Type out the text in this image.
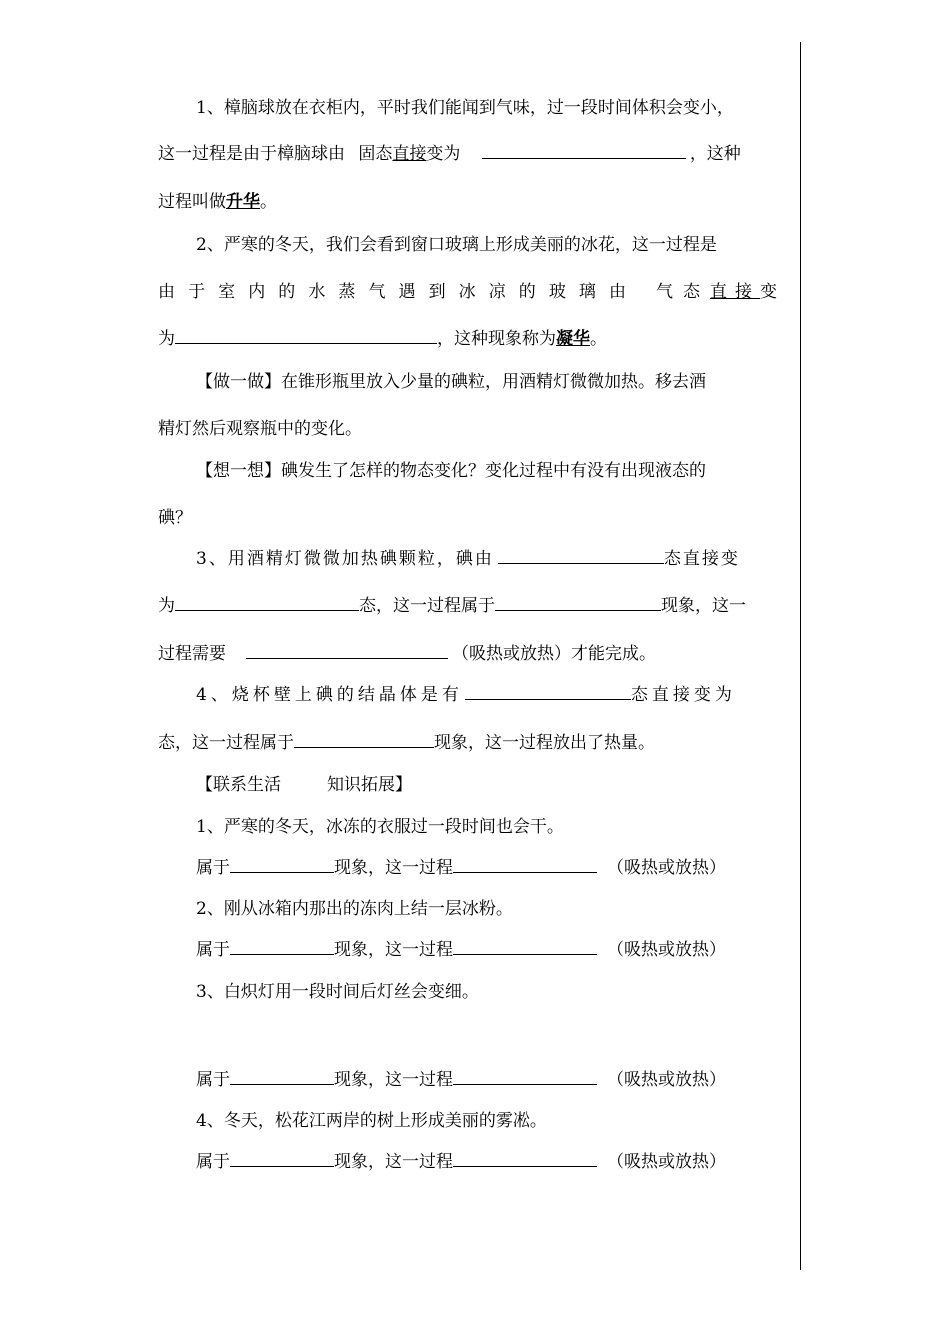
1、樟脑球放在衣柜内，平时我们能闻到气味，过一段时间体积会变小，
这一过程是由于樟脑球由 固态直接变为	，这种
过程叫做升华。
2、严寒的冬天，我们会看到窗口玻璃上形成美丽的冰花，这一过程是
由 于 室 内 的 水 蒸 气 遇 到 冰 凉 的 玻 璃 由 气态直接变
为	，这种现象称为凝华。
【做一做】在锥形瓶里放入少量的碘粒，用酒精灯微微加热。移去酒
精灯然后观察瓶中的变化。
【想一想】碘发生了怎样的物态变化？变化过程中有没有出现液态的
碘？
3、用酒精灯微微加热碘颗粒，碘由	态直接变
为	态，这一过程属于	现象，这一
过程需要	（吸热或放热）才能完成。
4、烧杯壁上碘的结晶体是有	态直接变为
态，这一过程属于	现象，这一过程放出了热量。
【联系生活	知识拓展】
1、严寒的冬天，冰冻的衣服过一段时间也会干。
属于	现象，这一过程	（吸热或放热）
2、刚从冰箱内那出的冻肉上结一层冰粉。
属于	现象，这一过程	（吸热或放热）
3、白炽灯用一段时间后灯丝会变细。
属于	现象，这一过程	（吸热或放热）
4、冬天，松花江两岸的树上形成美丽的雾凇。
属于	现象，这一过程	（吸热或放热）
